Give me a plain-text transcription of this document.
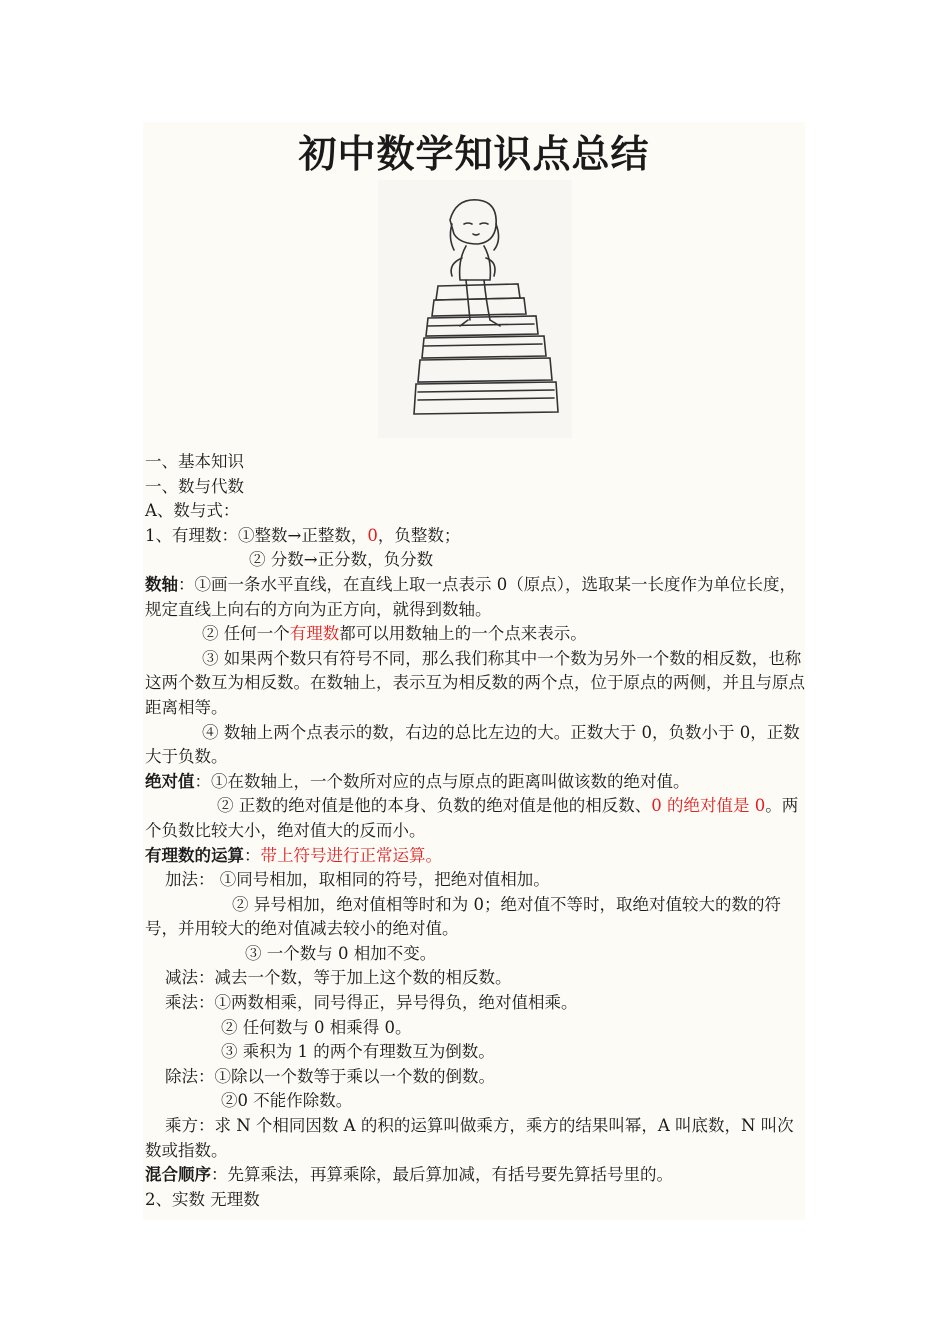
初中数学知识点总结
一、基本知识
一、数与代数
A、数与式：
1、有理数：①整数→正整数，0，负整数；
② 分数→正分数，负分数
数轴：①画一条水平直线，在直线上取一点表示 0（原点），选取某一长度作为单位长度，规定直线上向右的方向为正方向，就得到数轴。
② 任何一个有理数都可以用数轴上的一个点来表示。
③ 如果两个数只有符号不同，那么我们称其中一个数为另外一个数的相反数，也称这两个数互为相反数。在数轴上，表示互为相反数的两个点，位于原点的两侧，并且与原点距离相等。
④ 数轴上两个点表示的数，右边的总比左边的大。正数大于 0，负数小于 0，正数大于负数。
绝对值：①在数轴上，一个数所对应的点与原点的距离叫做该数的绝对值。
② 正数的绝对值是他的本身、负数的绝对值是他的相反数、0 的绝对值是 0。两个负数比较大小，绝对值大的反而小。
有理数的运算：带上符号进行正常运算。
加法： ①同号相加，取相同的符号，把绝对值相加。
② 异号相加，绝对值相等时和为 0；绝对值不等时，取绝对值较大的数的符号，并用较大的绝对值减去较小的绝对值。
③ 一个数与 0 相加不变。
减法：减去一个数，等于加上这个数的相反数。
乘法：①两数相乘，同号得正，异号得负，绝对值相乘。
② 任何数与 0 相乘得 0。
③ 乘积为 1 的两个有理数互为倒数。
除法：①除以一个数等于乘以一个数的倒数。
②0 不能作除数。
乘方：求 N 个相同因数 A 的积的运算叫做乘方，乘方的结果叫幂，A 叫底数，N 叫次数或指数。
混合顺序：先算乘法，再算乘除，最后算加减，有括号要先算括号里的。
2、实数 无理数
